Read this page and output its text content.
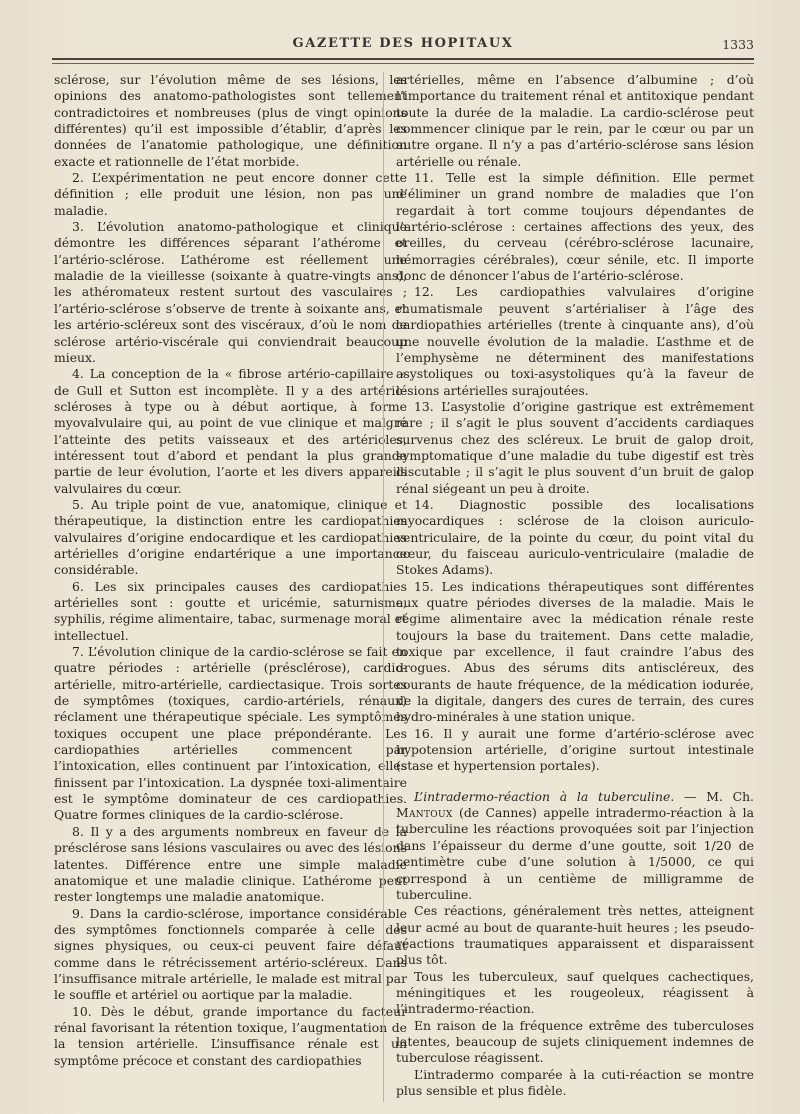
GAZETTE DES HOPITAUX	1333

sclérose, sur l’évolution même de ses lésions, les opinions des anatomo-pathologistes sont tellement contradictoires et nombreuses (plus de vingt opinions différentes) qu’il est impossible d’établir, d’après les données de l’anatomie pathologique, une définition exacte et rationnelle de l’état morbide.

2. L’expérimentation ne peut encore donner cette définition ; elle produit une lésion, non pas une maladie.

3. L’évolution anatomo-pathologique et clinique démontre les différences séparant l’athérome et l’artério-sclérose. L’athérome est réellement une maladie de la vieillesse (soixante à quatre-vingts ans), les athéromateux restent surtout des vasculaires ; l’artério-sclérose s’observe de trente à soixante ans, et les artério-scléreux sont des viscéraux, d’où le nom de sclérose artério-viscérale qui conviendrait beaucoup mieux.

4. La conception de la « fibrose artério-capillaire » de Gull et Sutton est incomplète. Il y a des artério-scléroses à type ou à début aortique, à forme myovalvulaire qui, au point de vue clinique et malgré l’atteinte des petits vaisseaux et des artérioles, intéressent tout d’abord et pendant la plus grande partie de leur évolution, l’aorte et les divers appareils valvulaires du cœur.

5. Au triple point de vue, anatomique, clinique et thérapeutique, la distinction entre les cardiopathies valvulaires d’origine endocardique et les cardiopathies artérielles d’origine endartérique a une importance considérable.

6. Les six principales causes des cardiopathies artérielles sont : goutte et uricémie, saturnisme, syphilis, régime alimentaire, tabac, surmenage moral et intellectuel.

7. L’évolution clinique de la cardio-sclérose se fait en quatre périodes : artérielle (présclérose), cardio-artérielle, mitro-artérielle, cardiectasique. Trois sortes de symptômes (toxiques, cardio-artériels, rénaux) réclament une thérapeutique spéciale. Les symptômes toxiques occupent une place prépondérante. Les cardiopathies artérielles commencent par l’intoxication, elles continuent par l’intoxication, elles finissent par l’intoxication. La dyspnée toxi-alimentaire est le symptôme dominateur de ces cardiopathies. Quatre formes cliniques de la cardio-sclérose.

8. Il y a des arguments nombreux en faveur de la présclérose sans lésions vasculaires ou avec des lésions latentes. Différence entre une simple maladie anatomique et une maladie clinique. L’athérome peut rester longtemps une maladie anatomique.

9. Dans la cardio-sclérose, importance considérable des symptômes fonctionnels comparée à celle des signes physiques, ou ceux-ci peuvent faire défaut comme dans le rétrécissement artério-scléreux. Dans l’insuffisance mitrale artérielle, le malade est mitral par le souffle et artériel ou aortique par la maladie.

10. Dès le début, grande importance du facteur rénal favorisant la rétention toxique, l’augmentation de la tension artérielle. L’insuffisance rénale est un symptôme précoce et constant des cardiopathies

artérielles, même en l’absence d’albumine ; d’où l’importance du traitement rénal et antitoxique pendant toute la durée de la maladie. La cardio-sclérose peut commencer clinique par le rein, par le cœur ou par un autre organe. Il n’y a pas d’artério-sclérose sans lésion artérielle ou rénale.

11. Telle est la simple définition. Elle permet d’éliminer un grand nombre de maladies que l’on regardait à tort comme toujours dépendantes de l’artério-sclérose : certaines affections des yeux, des oreilles, du cerveau (cérébro-sclérose lacunaire, hémorragies cérébrales), cœur sénile, etc. Il importe donc de dénoncer l’abus de l’artério-sclérose.

12. Les cardiopathies valvulaires d’origine rhumatismale peuvent s’artérialiser à l’âge des cardiopathies artérielles (trente à cinquante ans), d’où une nouvelle évolution de la maladie. L’asthme et de l’emphysème ne déterminent des manifestations asystoliques ou toxi-asystoliques qu’à la faveur de lésions artérielles surajoutées.

13. L’asystolie d’origine gastrique est extrêmement rare ; il s’agit le plus souvent d’accidents cardiaques survenus chez des scléreux. Le bruit de galop droit, symptomatique d’une maladie du tube digestif est très discutable ; il s’agit le plus souvent d’un bruit de galop rénal siégeant un peu à droite.

14. Diagnostic possible des localisations myocardiques : sclérose de la cloison auriculo-ventriculaire, de la pointe du cœur, du point vital du cœur, du faisceau auriculo-ventriculaire (maladie de Stokes Adams).

15. Les indications thérapeutiques sont différentes aux quatre périodes diverses de la maladie. Mais le régime alimentaire avec la médication rénale reste toujours la base du traitement. Dans cette maladie, toxique par excellence, il faut craindre l’abus des drogues. Abus des sérums dits antiscléreux, des courants de haute fréquence, de la médication iodurée, de la digitale, dangers des cures de terrain, des cures hydro-minérales à une station unique.

16. Il y aurait une forme d’artério-sclérose avec hypotension artérielle, d’origine surtout intestinale (stase et hypertension portales).

L’intradermo-réaction à la tuberculine. — M. Ch. Mantoux (de Cannes) appelle intradermo-réaction à la tuberculine les réactions provoquées soit par l’injection dans l’épaisseur du derme d’une goutte, soit 1/20 de centimètre cube d’une solution à 1/5000, ce qui correspond à un centième de milligramme de tuberculine.

Ces réactions, généralement très nettes, atteignent leur acmé au bout de quarante-huit heures ; les pseudo-réactions traumatiques apparaissent et disparaissent plus tôt.

Tous les tuberculeux, sauf quelques cachectiques, méningitiques et les rougeoleux, réagissent à l’intradermo-réaction.

En raison de la fréquence extrême des tuberculoses latentes, beaucoup de sujets cliniquement indemnes de tuberculose réagissent.

L’intradermo comparée à la cuti-réaction se montre plus sensible et plus fidèle.
